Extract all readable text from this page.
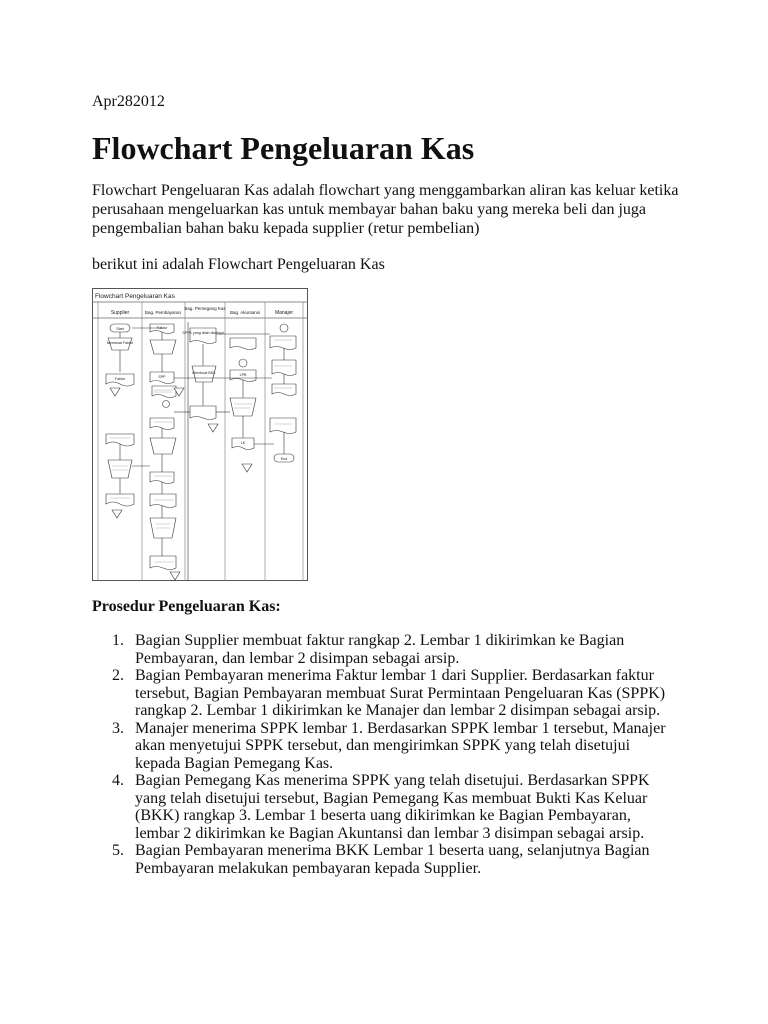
Apr282012
Flowchart Pengeluaran Kas

Flowchart Pengeluaran Kas adalah flowchart yang menggambarkan aliran kas keluar ketika perusahaan mengeluarkan kas untuk membayar bahan baku yang mereka beli dan juga pengembalian bahan baku kepada supplier (retur pembelian)

berikut ini adalah Flowchart Pengeluaran Kas

Flowchart Pengeluaran Kas
Supplier	Bag. Pembayaran
Bag. Pemegang Kas
Bag. Akuntansi	Manajer
Start
Membuat Faktur
Faktur
Faktur
SPP
SPPK yang telah disetujui
Membuat BKK	LPB
LK
End
Prosedur Pengeluaran Kas:
1. Bagian Supplier membuat faktur rangkap 2. Lembar 1 dikirimkan ke Bagian Pembayaran, dan lembar 2 disimpan sebagai arsip.
2. Bagian Pembayaran menerima Faktur lembar 1 dari Supplier. Berdasarkan faktur tersebut, Bagian Pembayaran membuat Surat Permintaan Pengeluaran Kas (SPPK) rangkap 2. Lembar 1 dikirimkan ke Manajer dan lembar 2 disimpan sebagai arsip.
3. Manajer menerima SPPK lembar 1. Berdasarkan SPPK lembar 1 tersebut, Manajer akan menyetujui SPPK tersebut, dan mengirimkan SPPK yang telah disetujui kepada Bagian Pemegang Kas.
4. Bagian Pemegang Kas menerima SPPK yang telah disetujui. Berdasarkan SPPK yang telah disetujui tersebut, Bagian Pemegang Kas membuat Bukti Kas Keluar (BKK) rangkap 3. Lembar 1 beserta uang dikirimkan ke Bagian Pembayaran, lembar 2 dikirimkan ke Bagian Akuntansi dan lembar 3 disimpan sebagai arsip.
5. Bagian Pembayaran menerima BKK Lembar 1 beserta uang, selanjutnya Bagian Pembayaran melakukan pembayaran kepada Supplier.
